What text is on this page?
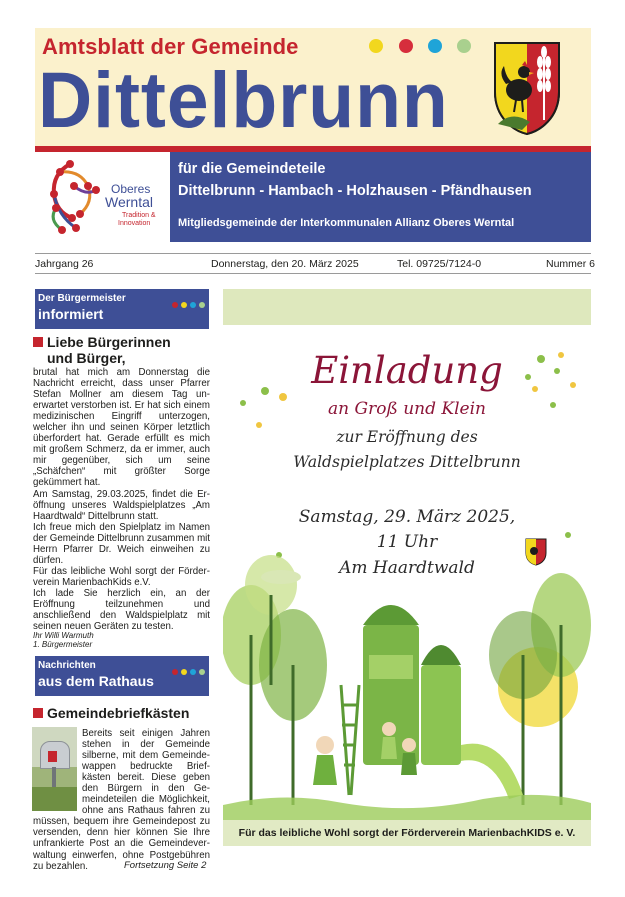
Amtsblatt der Gemeinde
Dittelbrunn
Oberes
Werntal
Tradition &
Innovation
für die Gemeindeteile
Dittelbrunn - Hambach - Holzhausen - Pfändhausen
Mitgliedsgemeinde der Interkommunalen Allianz Oberes Werntal
Jahrgang 26	Donnerstag, den 20. März 2025	Tel. 09725/7124-0	Nummer 6
Der Bürgermeister
informiert
Liebe Bürgerinnen
und Bürger,

brutal hat mich am Donnerstag die Nachricht erreicht, dass unser Pfarrer Stefan Mollner am diesem Tag unerwartet verstorben ist. Er hat sich einem medizinischen Eingriff unterzogen, welcher ihn und seinen Körper letztlich überfordert hat. Gerade erfüllt es mich mit großem Schmerz, da er immer, auch mir gegenüber, sich um seine „Schäfchen“ mit größter Sorge gekümmert hat.

Am Samstag, 29.03.2025, findet die Eröffnung unseres Waldspielplatzes „Am Haardtwald“ Dittelbrunn statt.

Ich freue mich den Spielplatz im Namen der Gemeinde Dittelbrunn zusammen mit Herrn Pfarrer Dr. Weich einweihen zu dürfen.

Für das leibliche Wohl sorgt der Förderverein MarienbachKids e.V.

Ich lade Sie herzlich ein, an der Eröffnung teilzunehmen und anschließend den Waldspielplatz mit seinen neuen Geräten zu testen.

Ihr Willi Warmuth
1. Bürgermeister
Nachrichten
aus dem Rathaus
Gemeindebriefkästen

Bereits seit einigen Jahren stehen in der Gemeinde silberne, mit dem Gemeindewappen bedruckte Briefkästen bereit. Diese geben den Bürgern in den Gemeindeteilen die Möglichkeit, ohne ans Rathaus fahren zu müssen, bequem ihre Gemeindepost zu versenden, denn hier können Sie Ihre unfrankierte Post an die Gemeindeverwaltung einwerfen, ohne Postgebühren zu bezahlen.	Fortsetzung Seite 2
Einladung
an Groß und Klein
zur Eröffnung des
Waldspielplatzes Dittelbrunn
Samstag, 29. März 2025,
11 Uhr
Am Haardtwald
Für das leibliche Wohl sorgt der Förderverein MarienbachKIDS e. V.
